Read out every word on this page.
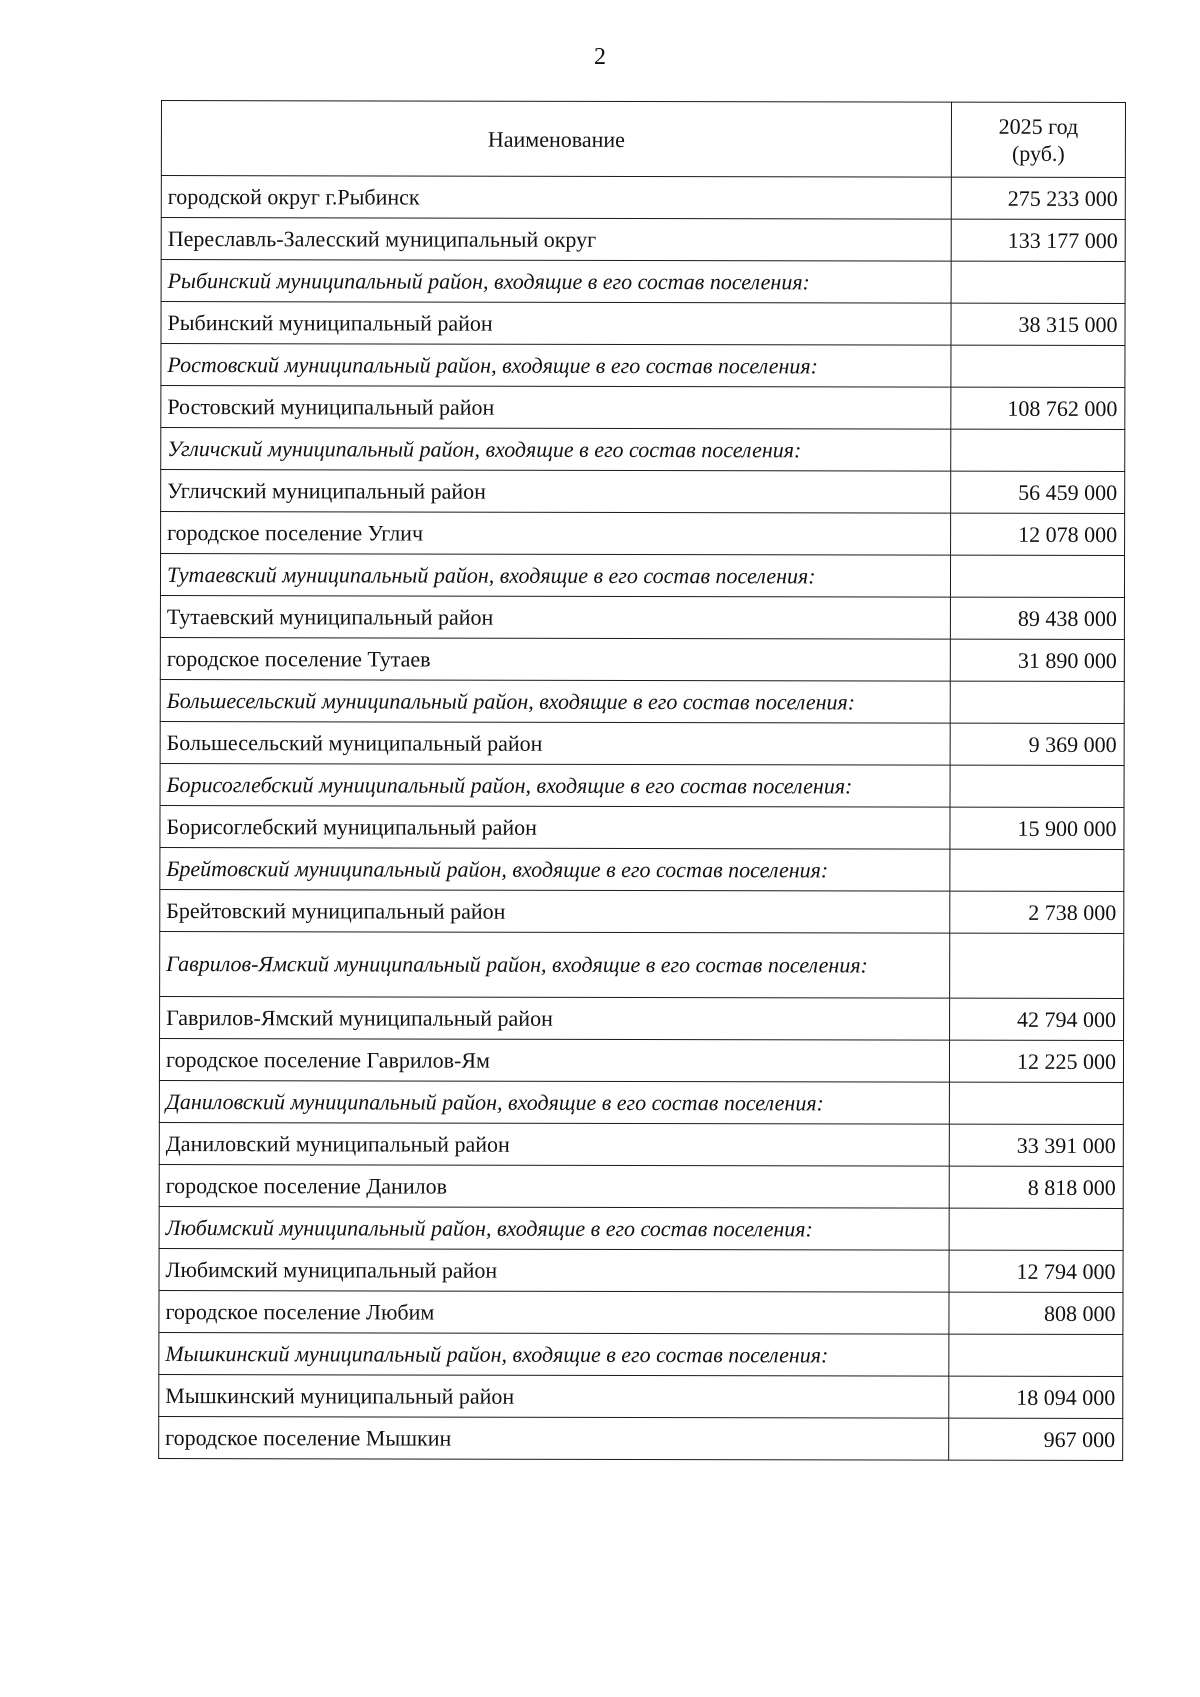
2
Наименование	2025 год
(руб.)

городской округ г.Рыбинск	275 233 000
Переславль-Залесский муниципальный округ	133 177 000
Рыбинский муниципальный район, входящие в его состав поселения:	
Рыбинский муниципальный район	38 315 000
Ростовский муниципальный район, входящие в его состав поселения:	
Ростовский муниципальный район	108 762 000
Угличский муниципальный район, входящие в его состав поселения:	
Угличский муниципальный район	56 459 000
городское поселение Углич	12 078 000
Тутаевский муниципальный район, входящие в его состав поселения:	
Тутаевский муниципальный район	89 438 000
городское поселение Тутаев	31 890 000
Большесельский муниципальный район, входящие в его состав поселения:	
Большесельский муниципальный район	9 369 000
Борисоглебский муниципальный район, входящие в его состав поселения:	
Борисоглебский муниципальный район	15 900 000
Брейтовский муниципальный район, входящие в его состав поселения:	
Брейтовский муниципальный район	2 738 000
Гаврилов-Ямский муниципальный район, входящие в его состав поселения:	
Гаврилов-Ямский муниципальный район	42 794 000
городское поселение Гаврилов-Ям	12 225 000
Даниловский муниципальный район, входящие в его состав поселения:	
Даниловский муниципальный район	33 391 000
городское поселение Данилов	8 818 000
Любимский муниципальный район, входящие в его состав поселения:	
Любимский муниципальный район	12 794 000
городское поселение Любим	808 000
Мышкинский муниципальный район, входящие в его состав поселения:	
Мышкинский муниципальный район	18 094 000
городское поселение Мышкин	967 000
